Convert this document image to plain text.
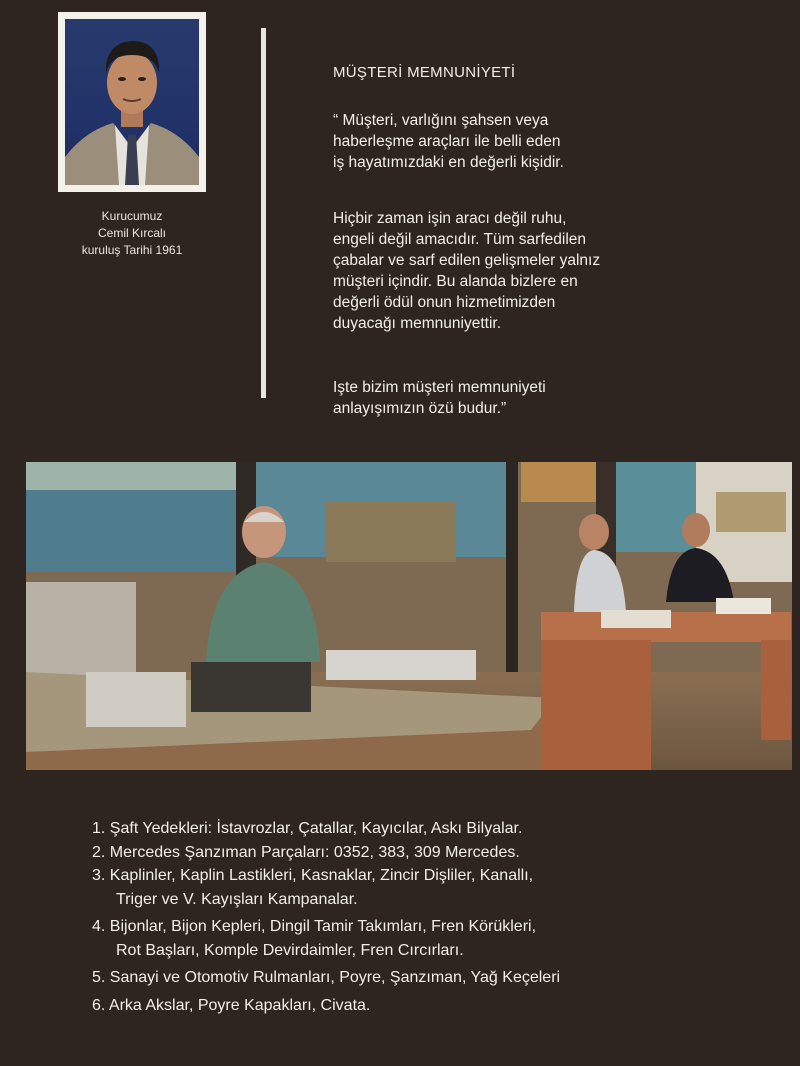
Kurucumuz
Cemil Kırcalı
kuruluş Tarihi 1961
MÜŞTERİ MEMNUNİYETİ
“ Müşteri, varlığını şahsen veya
haberleşme araçları ile belli eden
iş hayatımızdaki en değerli kişidir.
Hiçbir zaman işin aracı değil ruhu,
engeli değil amacıdır. Tüm sarfedilen
çabalar ve sarf edilen gelişmeler yalnız
müşteri içindir. Bu alanda bizlere en
değerli ödül onun hizmetimizden
duyacağı memnuniyettir.
Işte bizim müşteri memnuniyeti
anlayışımızın özü budur.”
1. Şaft Yedekleri: İstavrozlar, Çatallar, Kayıcılar, Askı Bilyalar.
2. Mercedes Şanzıman Parçaları: 0352, 383, 309 Mercedes.
3. Kaplinler, Kaplin Lastikleri, Kasnaklar, Zincir Dişliler, Kanallı,
Triger ve V. Kayışları Kampanalar.
4. Bijonlar, Bijon Kepleri, Dingil Tamir Takımları, Fren Körükleri,
Rot Başları, Komple Devirdaimler, Fren Cırcırları.
5. Sanayi ve Otomotiv Rulmanları, Poyre, Şanzıman, Yağ Keçeleri
6. Arka Akslar, Poyre Kapakları, Civata.
